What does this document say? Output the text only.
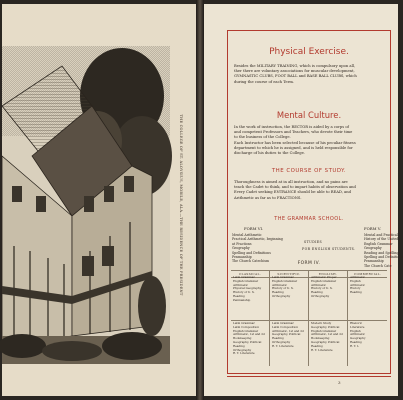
THE COLLEGE OF ST. ALOYSIUS, MOBILE, ALA.—THE RESIDENCE OF THE PRESIDENT
Physical Exercise.

Besides the MILITARY TRAINING, which is compulsory upon all,

ther there are voluntary associations for muscular development,

GYMNASTIC CLUBS, FOOT BALL and BASE BALL CLUBS, which

during the course of each Term.

Mental Culture.

In the work of instruction, the RECTOR is aided by a corps of

and competent Professors and Teachers, who devote their time

to the business of the College.

Each Instructor has been selected because of his peculiar fitness

department to which he is assigned, and is held responsible for

discharge of his duties to the College.

THE COURSE OF STUDY.

Thoroughness is aimed at in all instruction, and no pains are

teach the Cadet to think, and to impart habits of observation and

Every Cadet seeking ENTRANCE should be able to READ, and

Arithmetic as far as to FRACTIONS.

THE GRAMMAR SCHOOL.
FORM VI.	FORM V.
Mental Arithmetic
Practical Arithmetic, beginning
at Fractions
Geography
Spelling and Definitions
Penmanship
The Church Catechism
STUDIES
FOR ENGLISH STUDENTS.
Mental and Practical
History of the United
English Grammar
Geography
Reading and Spelling
Spelling and Definitions
Penmanship
The Church Cate
FORM IV.
CLASSICAL.
Latin Grammar
English Grammar
Arithmetic
Physical Geography
History of U. S.
Reading
Penmanship
Latin Grammar
Latin Composition
English Grammar
Arithmetic, 1st and 2d
Bookkeeping
Geography, Political
Reading
Orthography
R. T. Literature
SCIENTIFIC.
Latin Grammar
English Grammar
Arithmetic
History of U. S.
Reading
Orthography
Latin Grammar
Latin Composition
Arithmetic, 1st and 2d
Geography, Political
Reading
Orthography
R. T. Literature
ENGLISH.
Arithmetic Proper
English Grammar
Arithmetic
History of U. S.
Reading
Orthography
Modern Study
Geography, Political
English Grammar
Arithmetic, 1st and 2d
Bookkeeping
Geography, Political
Reading
R. T. Literature
COMMERCIAL.
Arithmetic
English
Arithmetic
History
Reading
Rhetoric
Literature
English
Arithmetic
Geography
Reading
R. T. L
3
